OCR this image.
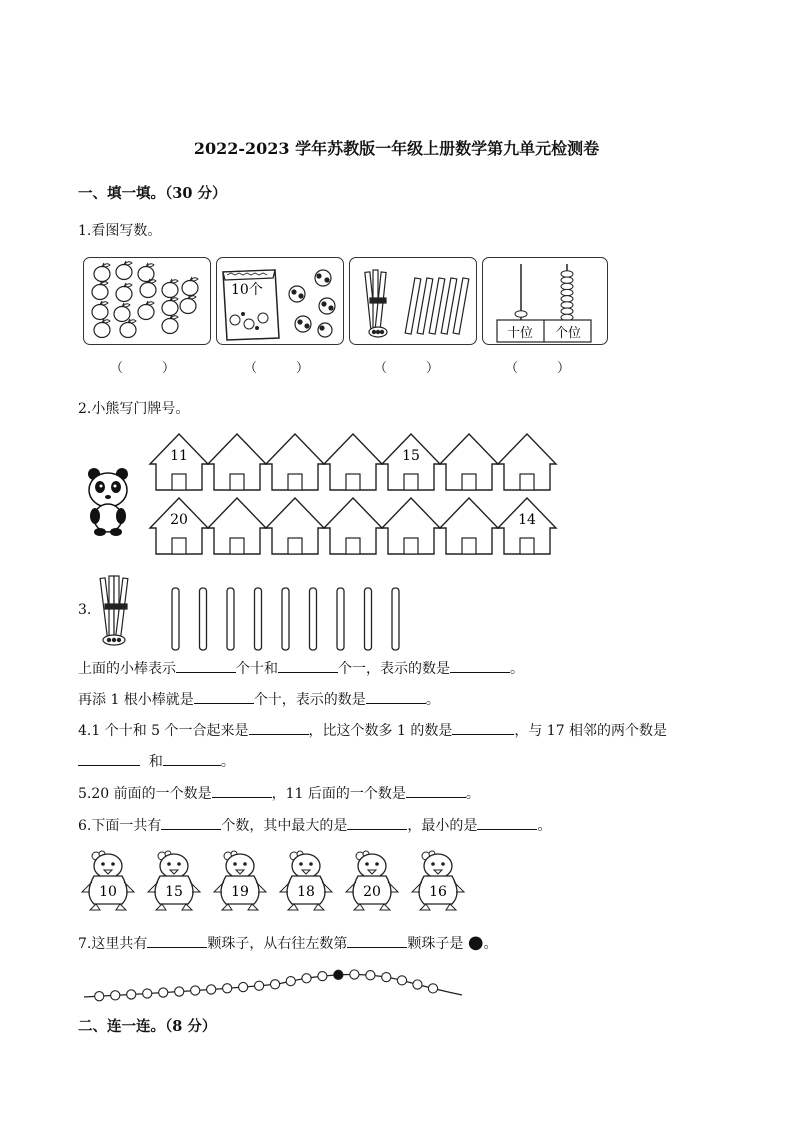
2022-2023 学年苏教版一年级上册数学第九单元检测卷
一、填一填。（30 分）
1.看图写数。
10个
十位 个位
（　　　）	（　　　）	（　　　）	（　　　）
2.小熊写门牌号。
11	15
20	14
3.
上面的小棒表示	个十和	个一，表示的数是	。
再添 1 根小棒就是	个十，表示的数是	。
4.1 个十和 5 个一合起来是	，比这个数多 1 的数是	，与 17 相邻的两个数是
和	。
5.20 前面的一个数是	，11 后面的一个数是	。
6.下面一共有	个数，其中最大的是	，最小的是	。
10	15	19	18	20	16
7.这里共有	颗珠子，从右往左数第	颗珠子是 ●。
二、连一连。（8 分）
